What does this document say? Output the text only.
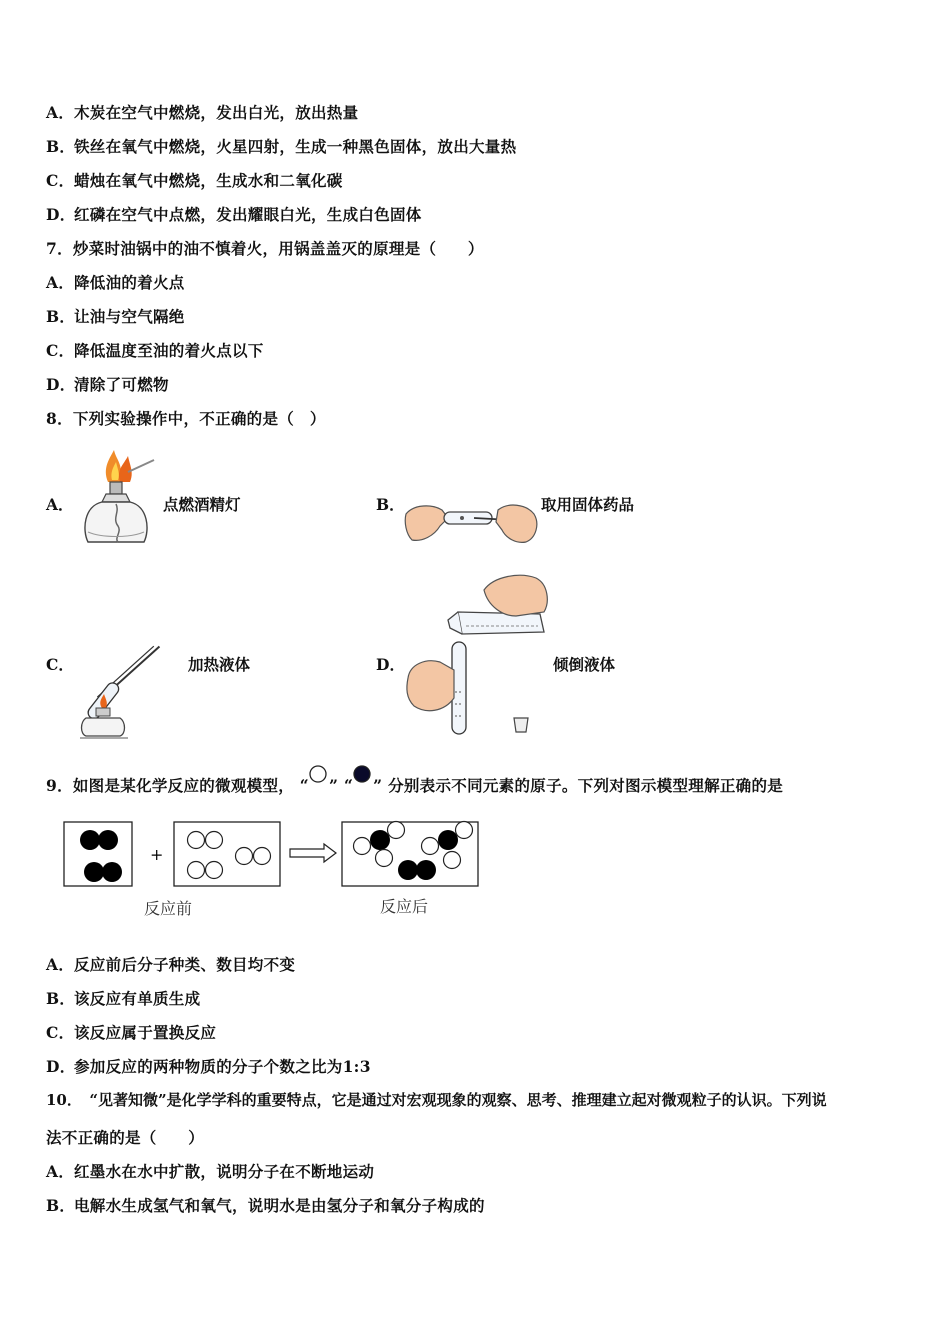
A．木炭在空气中燃烧，发出白光，放出热量
B．铁丝在氧气中燃烧，火星四射，生成一种黑色固体，放出大量热
C．蜡烛在氧气中燃烧，生成水和二氧化碳
D．红磷在空气中点燃，发出耀眼白光，生成白色固体
7．炒菜时油锅中的油不慎着火，用锅盖盖灭的原理是（　　）
A．降低油的着火点
B．让油与空气隔绝
C．降低温度至油的着火点以下
D．清除了可燃物
8．下列实验操作中，不正确的是（　）
A．	点燃酒精灯	B．	取用固体药品
C．	加热液体	D．	倾倒液体
9．如图是某化学反应的微观模型， “ ” “ ” 分别表示不同元素的原子。下列对图示模型理解正确的是
+
反应前	反应后
A．反应前后分子种类、数目均不变
B．该反应有单质生成
C．该反应属于置换反应
D．参加反应的两种物质的分子个数之比为1:3
10．　“见著知微”是化学学科的重要特点，它是通过对宏观现象的观察、思考、推理建立起对微观粒子的认识。下列说
法不正确的是（　　）
A．红墨水在水中扩散，说明分子在不断地运动
B．电解水生成氢气和氧气，说明水是由氢分子和氧分子构成的
